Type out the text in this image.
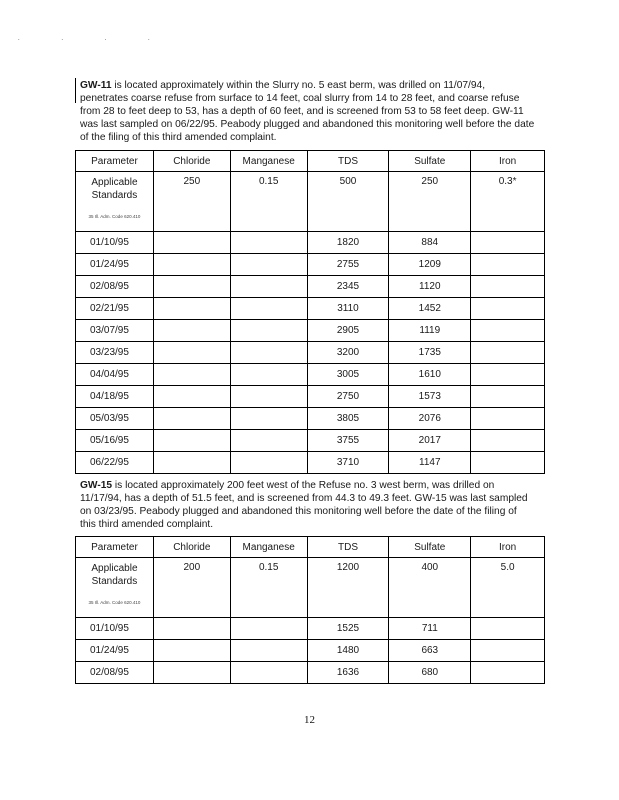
. . . .
GW-11 is located approximately within the Slurry no. 5 east berm, was drilled on 11/07/94, penetrates coarse refuse from surface to 14 feet, coal slurry from 14 to 28 feet, and coarse refuse from 28 to feet deep to 53, has a depth of 60 feet, and is screened from 53 to 58 feet deep. GW-11 was last sampled on 06/22/95. Peabody plugged and abandoned this monitoring well before the date of the filing of this third amended complaint.
Parameter	Chloride	Manganese	TDS	Sulfate	Iron
Applicable Standards
35 Ill. Adm. Code 620.410	250	0.15	500	250	0.3*
01/10/95			1820	884	
01/24/95			2755	1209	
02/08/95			2345	1120	
02/21/95			3110	1452	
03/07/95			2905	1119	
03/23/95			3200	1735	
04/04/95			3005	1610	
04/18/95			2750	1573	
05/03/95			3805	2076	
05/16/95			3755	2017	
06/22/95			3710	1147	
GW-15 is located approximately 200 feet west of the Refuse no. 3 west berm, was drilled on 11/17/94, has a depth of 51.5 feet, and is screened from 44.3 to 49.3 feet. GW-15 was last sampled on 03/23/95. Peabody plugged and abandoned this monitoring well before the date of the filing of this third amended complaint.
Parameter	Chloride	Manganese	TDS	Sulfate	Iron
Applicable Standards
35 Ill. Adm. Code 620.410	200	0.15	1200	400	5.0
01/10/95			1525	711	
01/24/95			1480	663	
02/08/95			1636	680	
12
